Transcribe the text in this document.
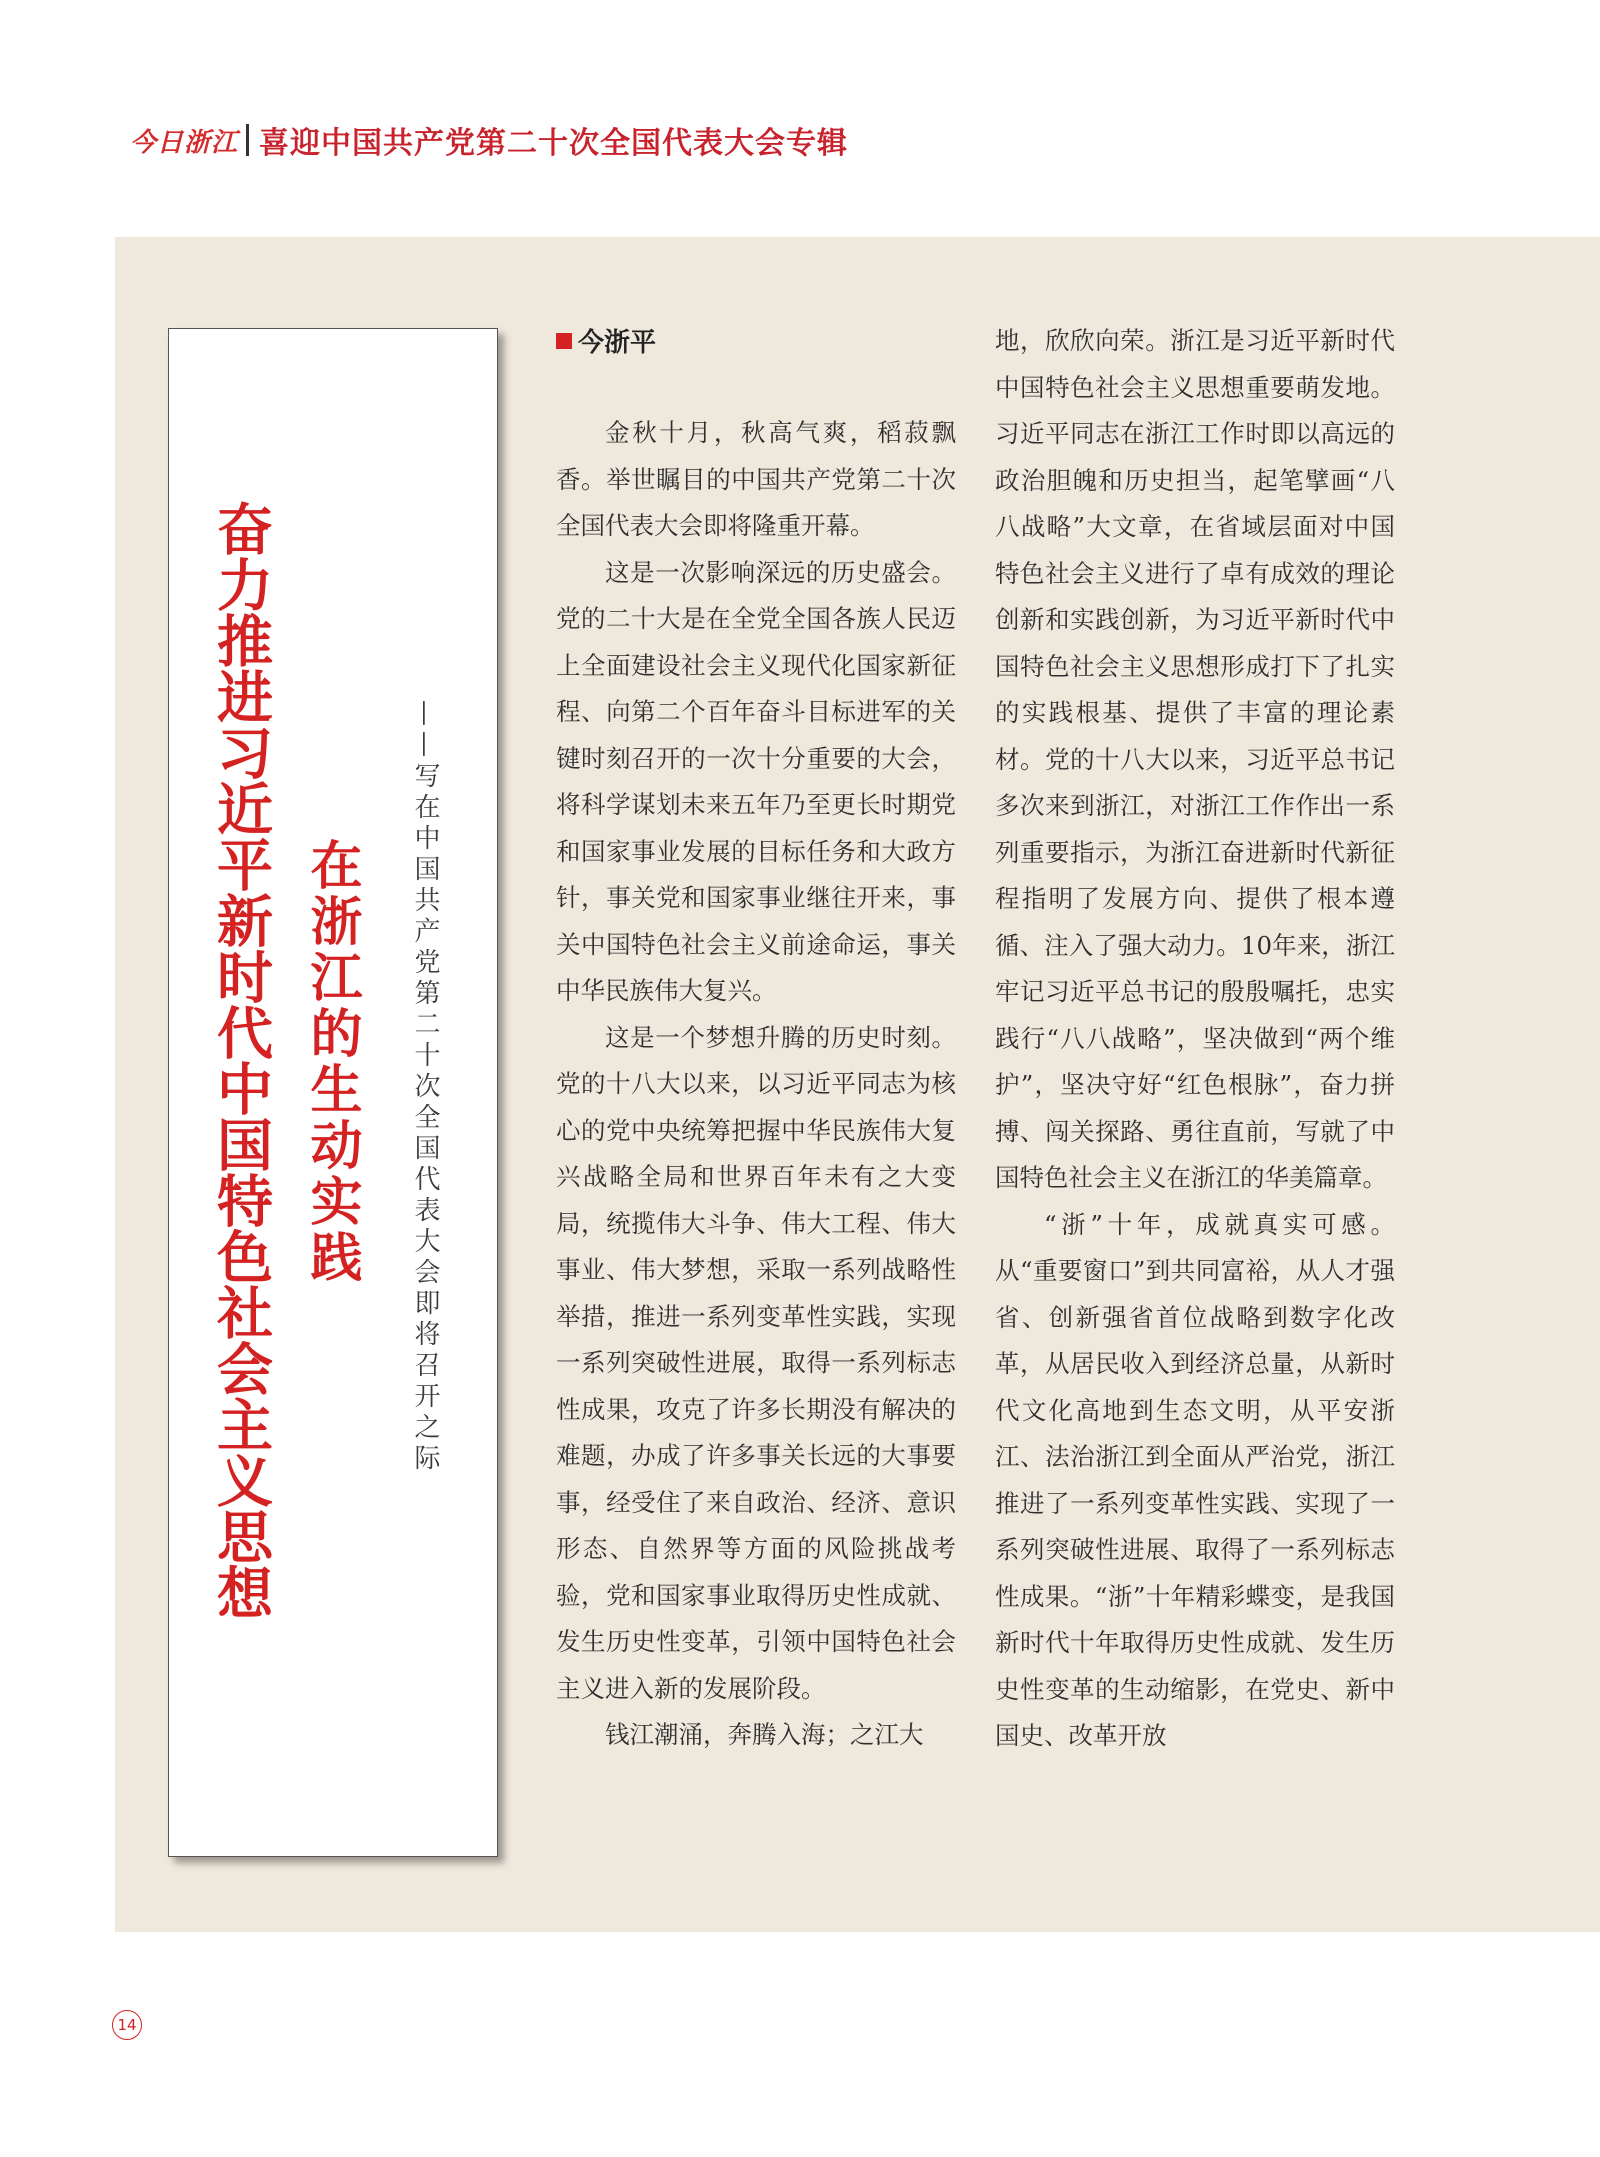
今日浙江 喜迎中国共产党第二十次全国代表大会专辑
奋力推进习近平新时代中国特色社会主义思想 在浙江的生动实践 ——写在中国共产党第二十次全国代表大会即将召开之际
今浙平

金秋十月，秋高气爽，稻菽飘香。举世瞩目的中国共产党第二十次全国代表大会即将隆重开幕。

这是一次影响深远的历史盛会。党的二十大是在全党全国各族人民迈上全面建设社会主义现代化国家新征程、向第二个百年奋斗目标进军的关键时刻召开的一次十分重要的大会，将科学谋划未来五年乃至更长时期党和国家事业发展的目标任务和大政方针，事关党和国家事业继往开来，事关中国特色社会主义前途命运，事关中华民族伟大复兴。

这是一个梦想升腾的历史时刻。党的十八大以来，以习近平同志为核心的党中央统筹把握中华民族伟大复兴战略全局和世界百年未有之大变局，统揽伟大斗争、伟大工程、伟大事业、伟大梦想，采取一系列战略性举措，推进一系列变革性实践，实现一系列突破性进展，取得一系列标志性成果，攻克了许多长期没有解决的难题，办成了许多事关长远的大事要事，经受住了来自政治、经济、意识形态、自然界等方面的风险挑战考验，党和国家事业取得历史性成就、发生历史性变革，引领中国特色社会主义进入新的发展阶段。

钱江潮涌，奔腾入海；之江大

地，欣欣向荣。浙江是习近平新时代中国特色社会主义思想重要萌发地。习近平同志在浙江工作时即以高远的政治胆魄和历史担当，起笔擘画“八八战略”大文章，在省域层面对中国特色社会主义进行了卓有成效的理论创新和实践创新，为习近平新时代中国特色社会主义思想形成打下了扎实的实践根基、提供了丰富的理论素材。党的十八大以来，习近平总书记多次来到浙江，对浙江工作作出一系列重要指示，为浙江奋进新时代新征程指明了发展方向、提供了根本遵循、注入了强大动力。10年来，浙江牢记习近平总书记的殷殷嘱托，忠实践行“八八战略”，坚决做到“两个维护”，坚决守好“红色根脉”，奋力拼搏、闯关探路、勇往直前，写就了中国特色社会主义在浙江的华美篇章。

“浙”十年，成就真实可感。从“重要窗口”到共同富裕，从人才强省、创新强省首位战略到数字化改革，从居民收入到经济总量，从新时代文化高地到生态文明，从平安浙江、法治浙江到全面从严治党，浙江推进了一系列变革性实践、实现了一系列突破性进展、取得了一系列标志性成果。“浙”十年精彩蝶变，是我国新时代十年取得历史性成就、发生历史性变革的生动缩影，在党史、新中国史、改革开放

14
